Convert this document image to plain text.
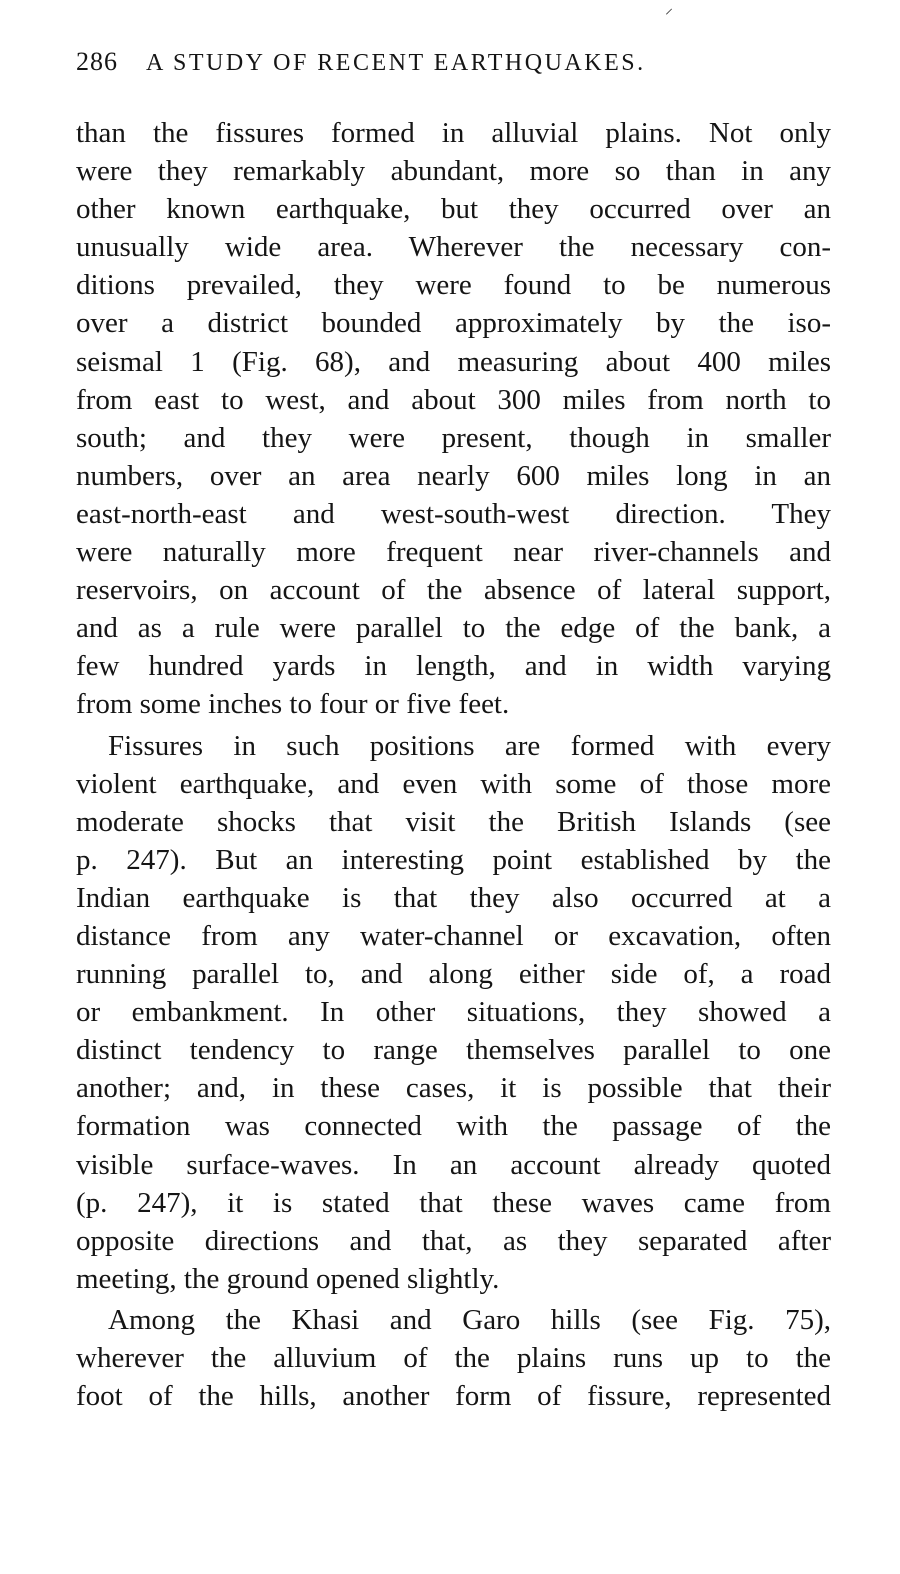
⸍
286 A STUDY OF RECENT EARTHQUAKES.
than the fissures formed in alluvial plains. Not only
were they remarkably abundant, more so than in any
other known earthquake, but they occurred over an
unusually wide area. Wherever the necessary con-
ditions prevailed, they were found to be numerous
over a district bounded approximately by the iso-
seismal 1 (Fig. 68), and measuring about 400 miles
from east to west, and about 300 miles from north to
south; and they were present, though in smaller
numbers, over an area nearly 600 miles long in an
east-north-east and west-south-west direction. They
were naturally more frequent near river-channels and
reservoirs, on account of the absence of lateral support,
and as a rule were parallel to the edge of the bank, a
few hundred yards in length, and in width varying
from some inches to four or five feet.
Fissures in such positions are formed with every
violent earthquake, and even with some of those more
moderate shocks that visit the British Islands (see
p. 247). But an interesting point established by the
Indian earthquake is that they also occurred at a
distance from any water-channel or excavation, often
running parallel to, and along either side of, a road
or embankment. In other situations, they showed a
distinct tendency to range themselves parallel to one
another; and, in these cases, it is possible that their
formation was connected with the passage of the
visible surface-waves. In an account already quoted
(p. 247), it is stated that these waves came from
opposite directions and that, as they separated after
meeting, the ground opened slightly.
Among the Khasi and Garo hills (see Fig. 75),
wherever the alluvium of the plains runs up to the
foot of the hills, another form of fissure, represented
